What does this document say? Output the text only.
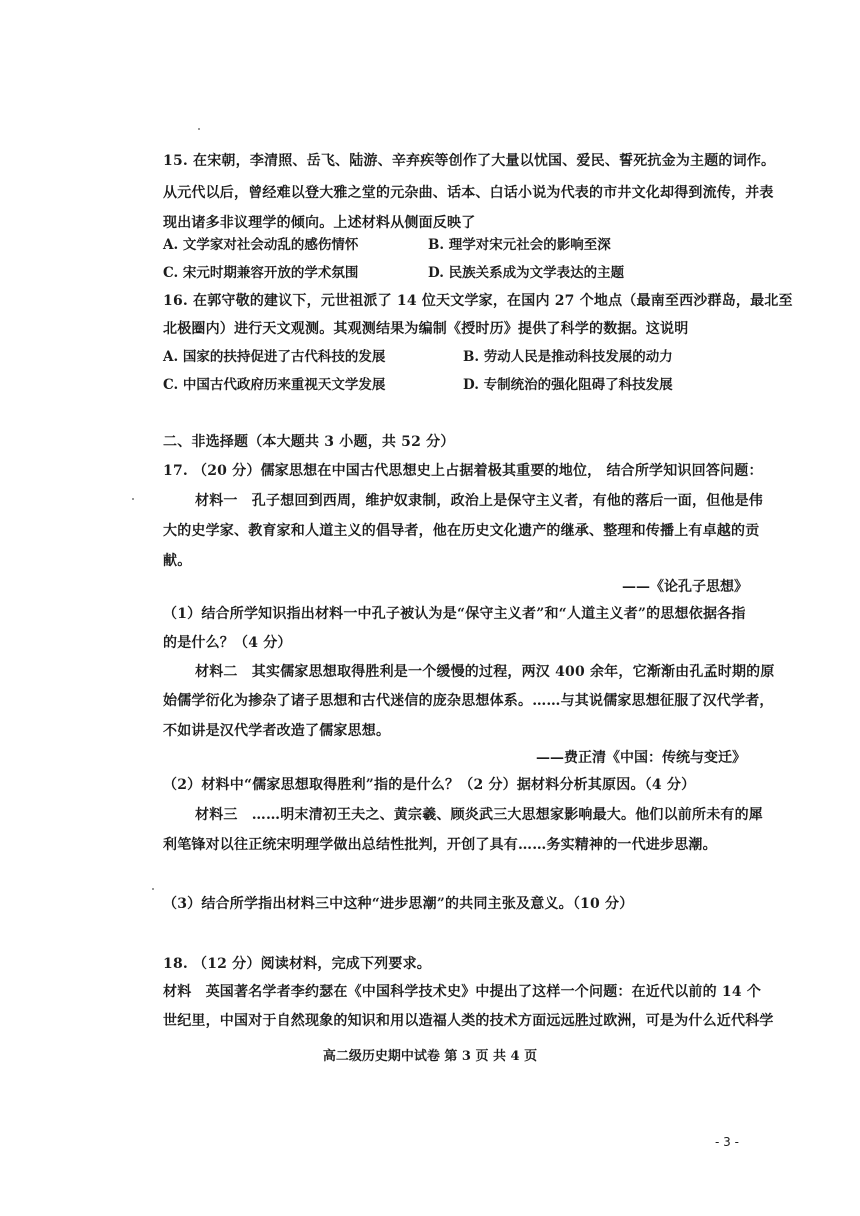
15. 在宋朝，李清照、岳飞、陆游、辛弃疾等创作了大量以忧国、爱民、誓死抗金为主题的词作。
从元代以后，曾经难以登大雅之堂的元杂曲、话本、白话小说为代表的市井文化却得到流传，并表
现出诸多非议理学的倾向。上述材料从侧面反映了
A. 文学家对社会动乱的感伤情怀	B. 理学对宋元社会的影响至深
C. 宋元时期兼容开放的学术氛围	D. 民族关系成为文学表达的主题
16. 在郭守敬的建议下，元世祖派了 14 位天文学家，在国内 27 个地点（最南至西沙群岛，最北至
北极圈内）进行天文观测。其观测结果为编制《授时历》提供了科学的数据。这说明
A. 国家的扶持促进了古代科技的发展	B. 劳动人民是推动科技发展的动力
C. 中国古代政府历来重视天文学发展	D. 专制统治的强化阻碍了科技发展
二、非选择题（本大题共 3 小题，共 52 分）
17. （20 分）儒家思想在中国古代思想史上占据着极其重要的地位， 结合所学知识回答问题：
材料一　孔子想回到西周，维护奴隶制，政治上是保守主义者，有他的落后一面，但他是伟
大的史学家、教育家和人道主义的倡导者，他在历史文化遗产的继承、整理和传播上有卓越的贡
献。
——《论孔子思想》
（1）结合所学知识指出材料一中孔子被认为是“保守主义者”和“人道主义者”的思想依据各指
的是什么？（4 分）
材料二　其实儒家思想取得胜利是一个缓慢的过程，两汉 400 余年，它渐渐由孔孟时期的原
始儒学衍化为掺杂了诸子思想和古代迷信的庞杂思想体系。……与其说儒家思想征服了汉代学者，
不如讲是汉代学者改造了儒家思想。
——费正清《中国：传统与变迁》
（2）材料中“儒家思想取得胜利”指的是什么？（2 分）据材料分析其原因。（4 分）
材料三　……明末清初王夫之、黄宗羲、顾炎武三大思想家影响最大。他们以前所未有的犀
利笔锋对以往正统宋明理学做出总结性批判，开创了具有……务实精神的一代进步思潮。
（3）结合所学指出材料三中这种“进步思潮”的共同主张及意义。（10 分）
18. （12 分）阅读材料，完成下列要求。
材料　英国著名学者李约瑟在《中国科学技术史》中提出了这样一个问题：在近代以前的 14 个
世纪里，中国对于自然现象的知识和用以造福人类的技术方面远远胜过欧洲，可是为什么近代科学
高二级历史期中试卷 第 3 页 共 4 页
- 3 -
